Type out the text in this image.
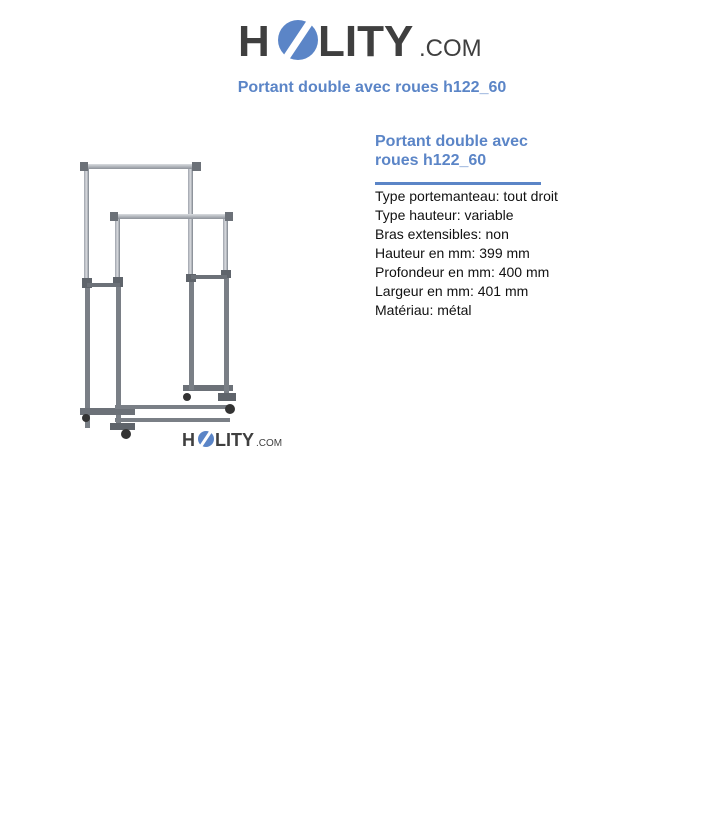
H LITY .COM
Portant double avec roues h122_60
H LITY .COM
Portant double avec
roues h122_60
Type portemanteau: tout droit
Type hauteur: variable
Bras extensibles: non
Hauteur en mm: 399 mm
Profondeur en mm: 400 mm
Largeur en mm: 401 mm
Matériau: métal
